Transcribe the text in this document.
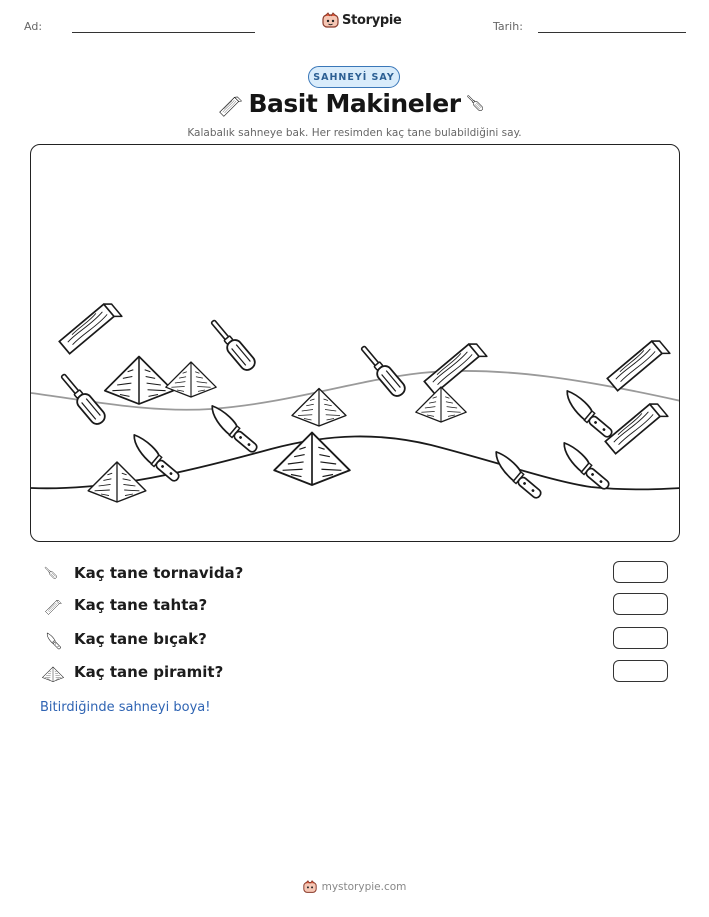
Ad:	Storypie	Tarih:
SAHNEYİ SAY
Basit Makineler
Kalabalık sahneye bak. Her resimden kaç tane bulabildiğini say.
Kaç tane tornavida?
Kaç tane tahta?
Kaç tane bıçak?
Kaç tane piramit?
Bitirdiğinde sahneyi boya!
mystorypie.com
